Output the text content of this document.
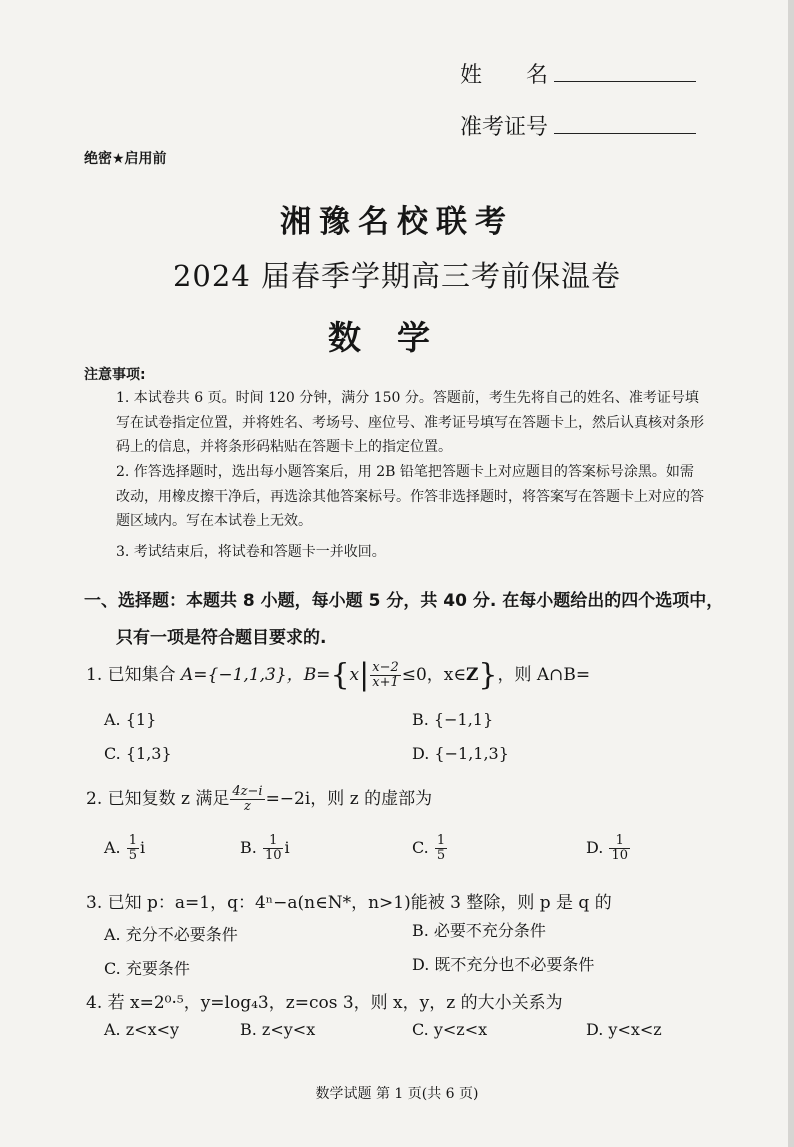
姓　　名
准考证号
绝密★启用前
湘豫名校联考
2024 届春季学期高三考前保温卷
数学
注意事项:
1. 本试卷共 6 页。时间 120 分钟，满分 150 分。答题前，考生先将自己的姓名、准考证号填写在试卷指定位置，并将姓名、考场号、座位号、准考证号填写在答题卡上，然后认真核对条形码上的信息，并将条形码粘贴在答题卡上的指定位置。
2. 作答选择题时，选出每小题答案后，用 2B 铅笔把答题卡上对应题目的答案标号涂黑。如需改动，用橡皮擦干净后，再选涂其他答案标号。作答非选择题时，将答案写在答题卡上对应的答题区域内。写在本试卷上无效。
3. 考试结束后，将试卷和答题卡一并收回。
一、选择题：本题共 8 小题，每小题 5 分，共 40 分. 在每小题给出的四个选项中，
只有一项是符合题目要求的.
1. 已知集合 A={−1,1,3}，$B=\{x| \frac{x-2}{x+1} \le 0$，x∈Z}，则 A∩B=
A. {1}	B. {−1,1}
C. {1,3}	D. {−1,1,3}
2. 已知复数 z 满足 $\frac{4z-i}{z} =-2i$，则 z 的虚部为
A. $\frac{1}{5}$ i	B. $\frac{1}{10}$ i	C. $\frac{1}{5}$	D. $\frac{1}{10}$
3. 已知 p：a=1，q：4ⁿ−a(n∈N*，n>1)能被 3 整除，则 p 是 q 的
A. 充分不必要条件	B. 必要不充分条件
C. 充要条件	D. 既不充分也不必要条件
4. 若 x=2⁰·⁵，y=log₄3，z=cos 3，则 x，y，z 的大小关系为
A. z<x<y	B. z<y<x	C. y<z<x	D. y<x<z
数学试题 第 1 页(共 6 页)
